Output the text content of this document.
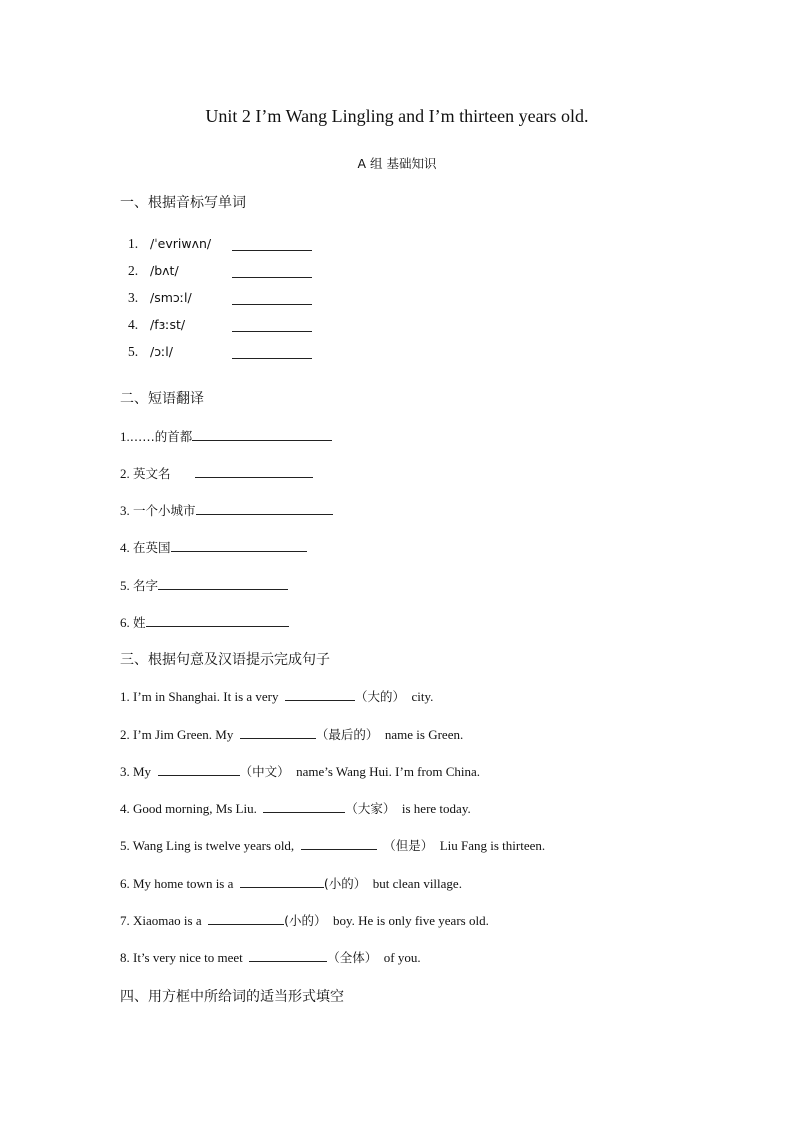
Unit 2 I’m Wang Lingling and I’m thirteen years old.
A 组 基础知识
一、根据音标写单词
1. /ˈevriwʌn/
2. /bʌt/
3. /smɔːl/
4. /fɜːst/
5. /ɔːl/
二、短语翻译
1.……的首都
2. 英文名
3. 一个小城市
4. 在英国
5. 名字
6. 姓
三、根据句意及汉语提示完成句子
1. I’m in Shanghai. It is a very	（大的） city.
2. I’m Jim Green. My	（最后的） name is Green.
3. My	（中文） name’s Wang Hui. I’m from China.
4. Good morning, Ms Liu.	（大家） is here today.
5. Wang Ling is twelve years old,	（但是） Liu Fang is thirteen.
6. My home town is a	(小的） but clean village.
7. Xiaomao is a	(小的） boy. He is only five years old.
8. It’s very nice to meet	（全体） of you.
四、用方框中所给词的适当形式填空
